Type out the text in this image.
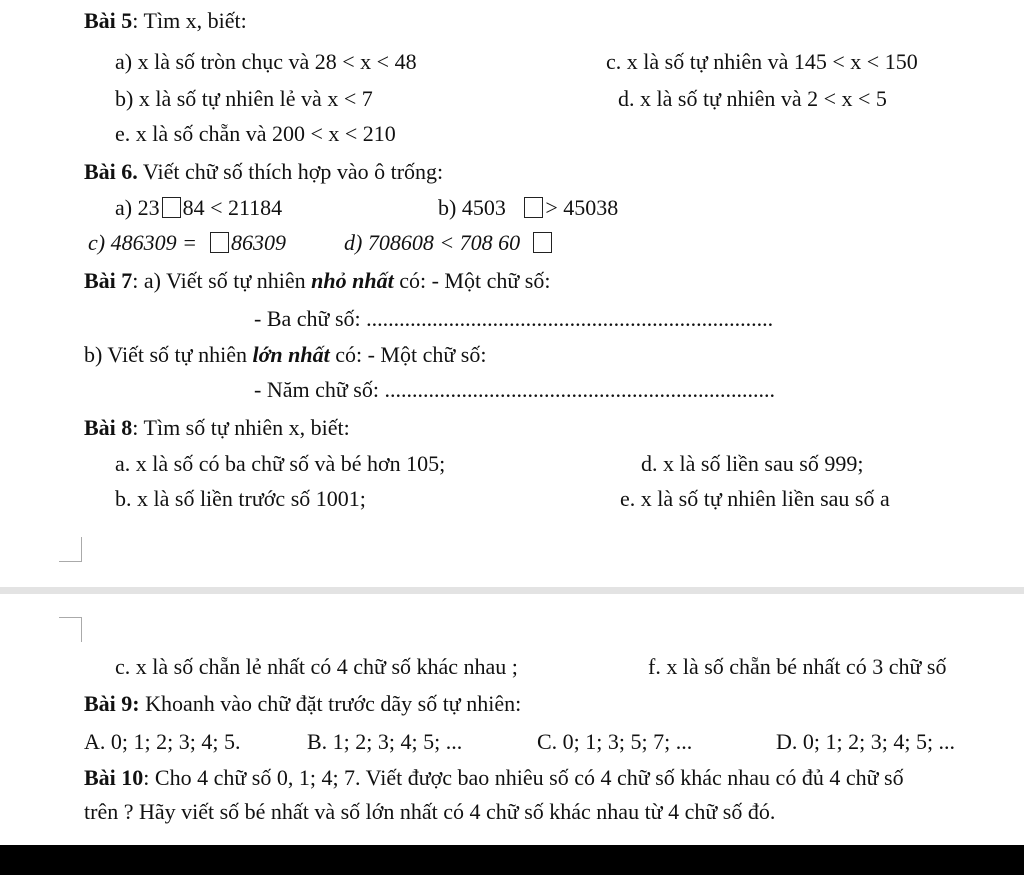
Bài 5: Tìm x, biết:
a) x là số tròn chục và 28 < x < 48	c. x là số tự nhiên và 145 < x < 150
b) x là số tự nhiên lẻ và x < 7	d. x là số tự nhiên và 2 < x < 5
e. x là số chẵn và 200 < x < 210
Bài 6. Viết chữ số thích hợp vào ô trống:
a) 23 84 < 21184	b) 4503 > 45038
c) 486309 =  86309	d) 708608 < 708 60
Bài 7: a) Viết số tự nhiên nhỏ nhất có: - Một chữ số:
- Ba chữ số: ..........................................................................
b) Viết số tự nhiên lớn nhất có: - Một chữ số:
- Năm chữ số: .......................................................................
Bài 8: Tìm số tự nhiên x, biết:
a. x là số có ba chữ số và bé hơn 105;	d. x là số liền sau số 999;
b. x là số liền trước số 1001;	e. x là số tự nhiên liền sau số a
c. x là số chẵn lẻ nhất có 4 chữ số khác nhau ;	f. x là số chẵn bé nhất có 3 chữ số
Bài 9: Khoanh vào chữ đặt trước dãy số tự nhiên:
A. 0; 1; 2; 3; 4; 5.	B. 1; 2; 3; 4; 5; ...	C. 0; 1; 3; 5; 7; ...	D. 0; 1; 2; 3; 4; 5; ...
Bài 10: Cho 4 chữ số 0, 1; 4; 7. Viết được bao nhiêu số có 4 chữ số khác nhau có đủ 4 chữ số
trên ? Hãy viết số bé nhất và số lớn nhất có 4 chữ số khác nhau từ 4 chữ số đó.
